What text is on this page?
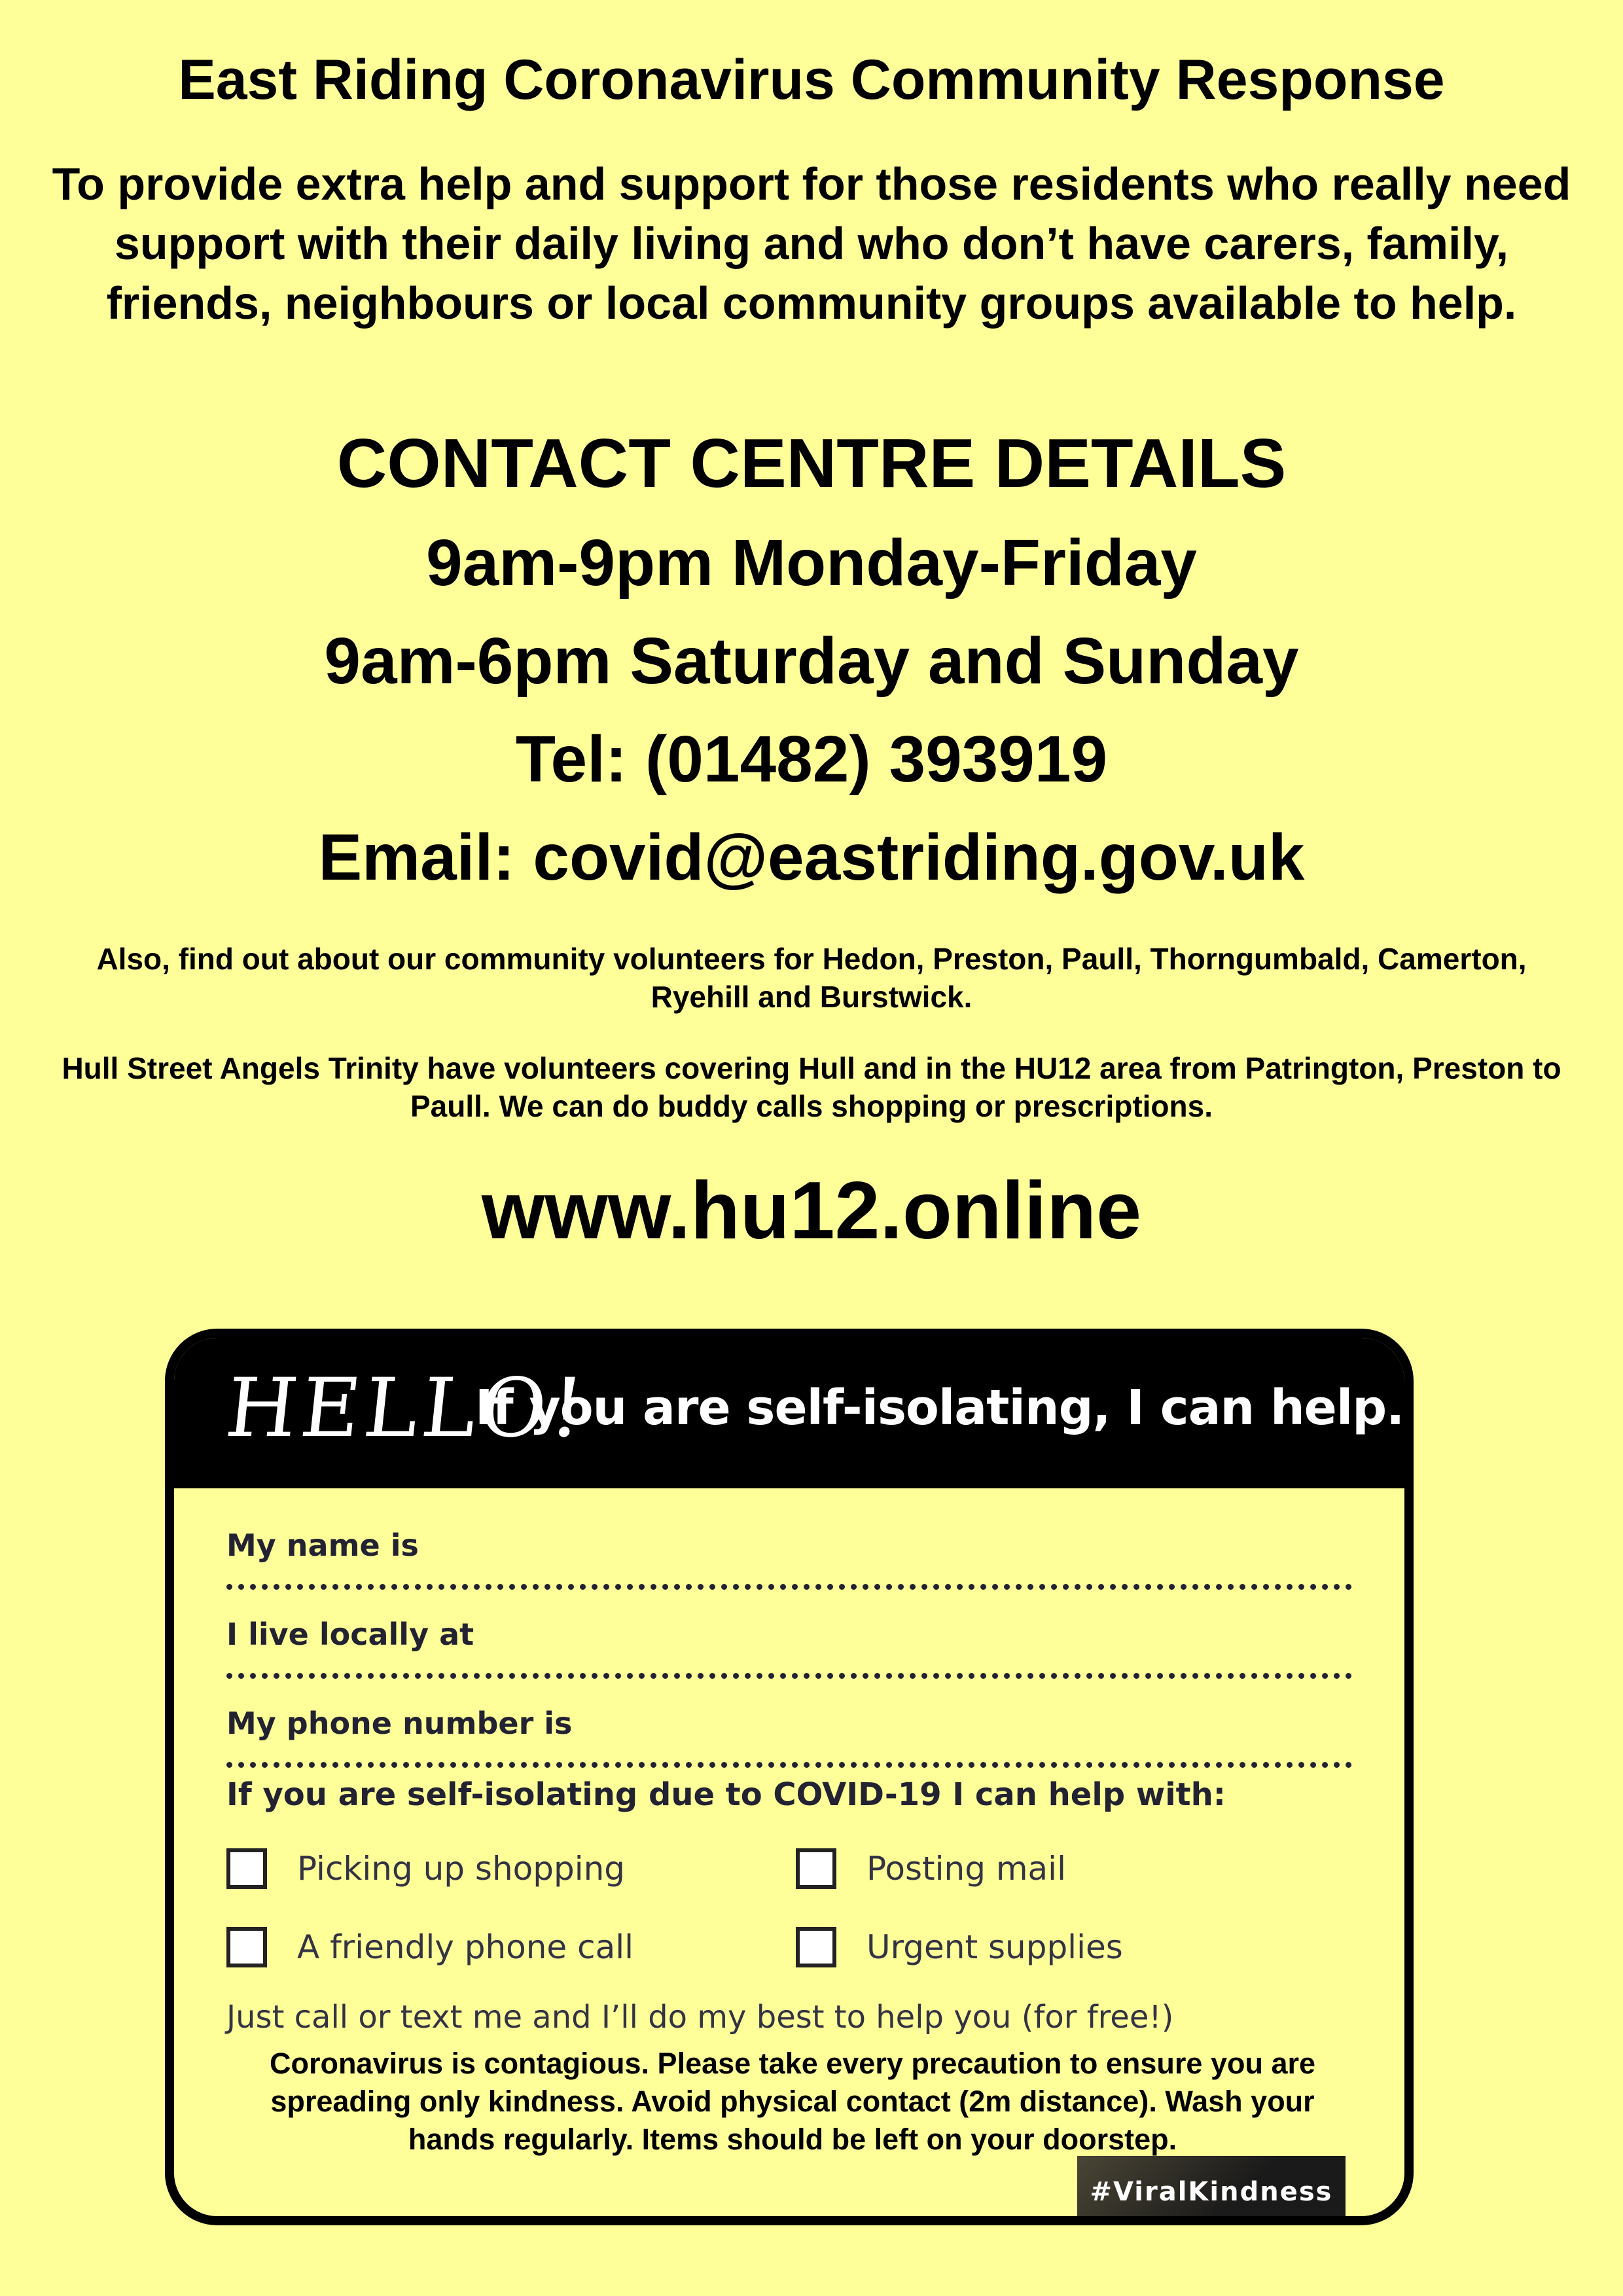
East Riding Coronavirus Community Response
To provide extra help and support for those residents who really need support with their daily living and who don’t have carers, family, friends, neighbours or local community groups available to help.
CONTACT CENTRE DETAILS
9am-9pm Monday-Friday
9am-6pm Saturday and Sunday
Tel: (01482) 393919
Email: covid@eastriding.gov.uk
Also, find out about our community volunteers for Hedon, Preston, Paull, Thorngumbald, Camerton, Ryehill and Burstwick.
Hull Street Angels Trinity have volunteers covering Hull and in the HU12 area from Patrington, Preston to Paull. We can do buddy calls shopping or prescriptions.
www.hu12.online
HELLO!
If you are self-isolating, I can help.
My name is
I live locally at
My phone number is
If you are self-isolating due to COVID-19 I can help with:
Picking up shopping	Posting mail
A friendly phone call	Urgent supplies
Just call or text me and I’ll do my best to help you (for free!)
Coronavirus is contagious. Please take every precaution to ensure you are spreading only kindness. Avoid physical contact (2m distance). Wash your hands regularly. Items should be left on your doorstep.
#ViralKindness
